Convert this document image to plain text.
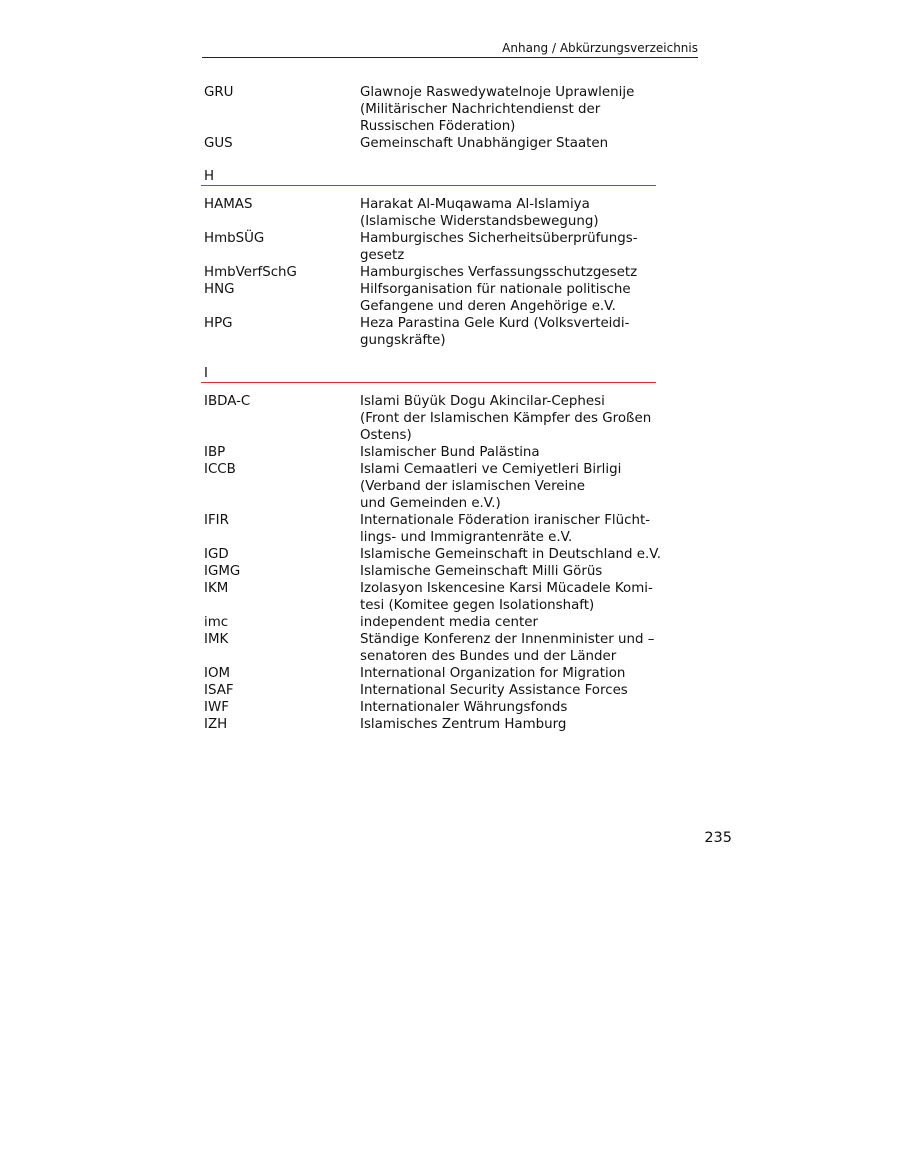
Anhang / Abkürzungsverzeichnis
GRU	Glawnoje Raswedywatelnoje Uprawlenije
(Militärischer Nachrichtendienst der
Russischen Föderation)
GUS	Gemeinschaft Unabhängiger Staaten
H
HAMAS	Harakat Al-Muqawama Al-Islamiya
(Islamische Widerstandsbewegung)
HmbSÜG	Hamburgisches Sicherheitsüberprüfungs-
gesetz
HmbVerfSchG	Hamburgisches Verfassungsschutzgesetz
HNG	Hilfsorganisation für nationale politische
Gefangene und deren Angehörige e.V.
HPG	Heza Parastina Gele Kurd (Volksverteidi-
gungskräfte)
I
IBDA-C	Islami Büyük Dogu Akincilar-Cephesi
(Front der Islamischen Kämpfer des Großen
Ostens)
IBP	Islamischer Bund Palästina
ICCB	Islami Cemaatleri ve Cemiyetleri Birligi
(Verband der islamischen Vereine
und Gemeinden e.V.)
IFIR	Internationale Föderation iranischer Flücht-
lings- und Immigrantenräte e.V.
IGD	Islamische Gemeinschaft in Deutschland e.V.
IGMG	Islamische Gemeinschaft Milli Görüs
IKM	Izolasyon Iskencesine Karsi Mücadele Komi-
tesi (Komitee gegen Isolationshaft)
imc	independent media center
IMK	Ständige Konferenz der Innenminister und –
senatoren des Bundes und der Länder
IOM	International Organization for Migration
ISAF	International Security Assistance Forces
IWF	Internationaler Währungsfonds
IZH	Islamisches Zentrum Hamburg
235
